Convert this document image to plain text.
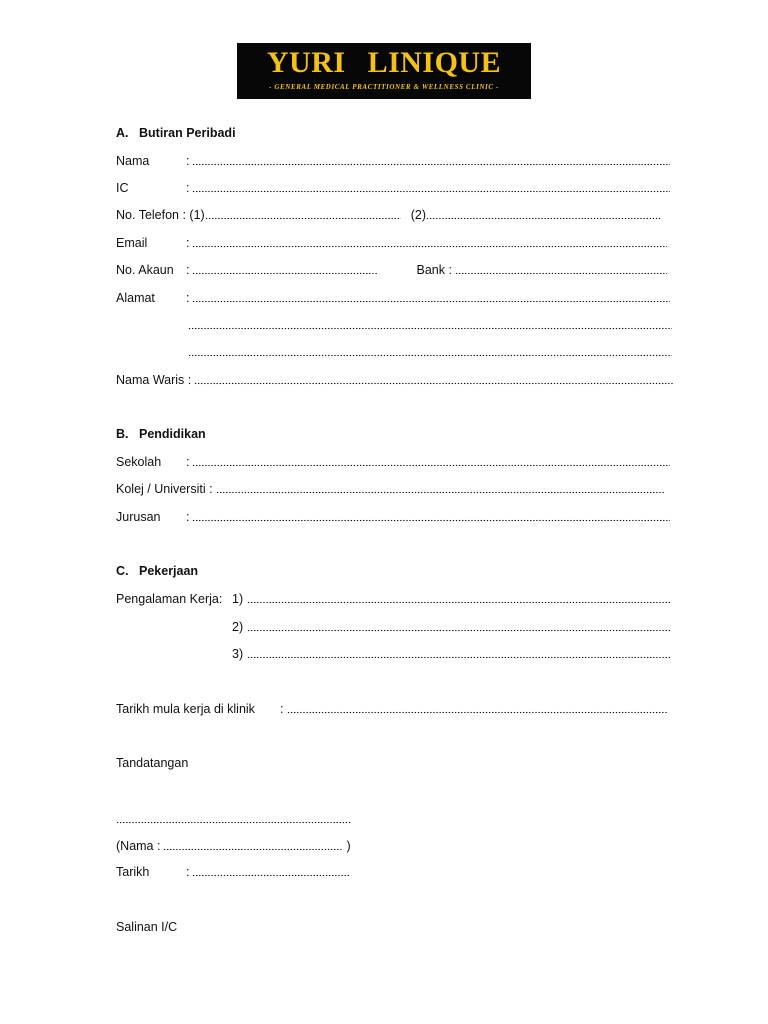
YURI LINIQUE
- GENERAL MEDICAL PRACTITIONER & WELLNESS CLINIC -
A. Butiran Peribadi
Nama	:
IC	:
No. Telefon : (1)	(2)
Email	:
No. Akaun :	Bank :
Alamat	:
Nama Waris :
B. Pendidikan
Sekolah	:
Kolej / Universiti :
Jurusan	:
C. Pekerjaan
Pengalaman Kerja: 1)
2)
3)
Tarikh mula kerja di klinik	:
Tandatangan
(Nama :	)
Tarikh	:
Salinan I/C
